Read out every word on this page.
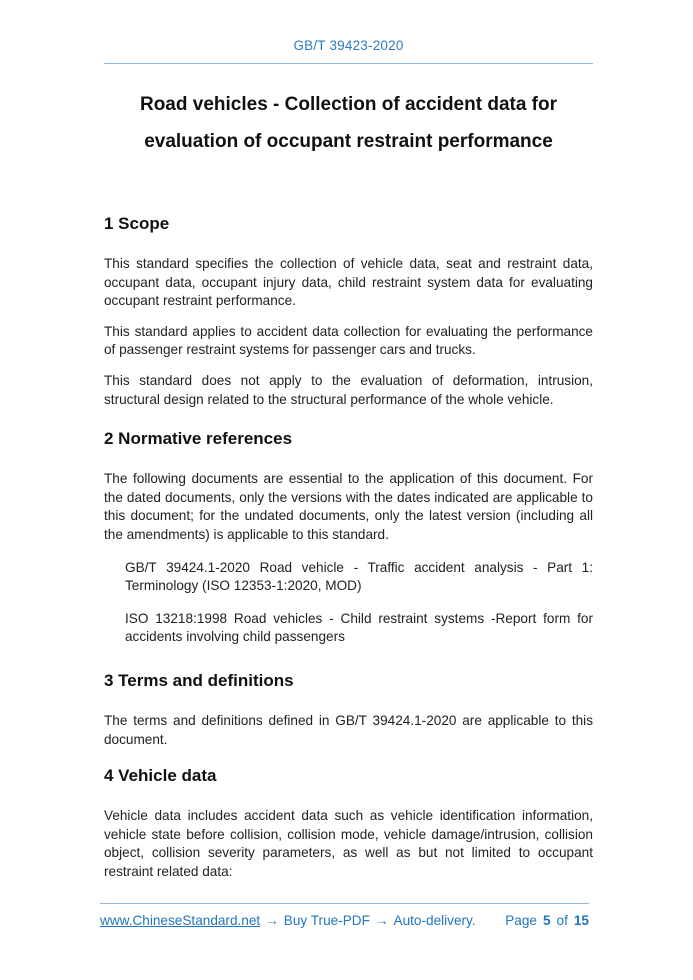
GB/T 39423-2020
Road vehicles - Collection of accident data for
evaluation of occupant restraint performance
1 Scope

This standard specifies the collection of vehicle data, seat and restraint data, occupant data, occupant injury data, child restraint system data for evaluating occupant restraint performance.

This standard applies to accident data collection for evaluating the performance of passenger restraint systems for passenger cars and trucks.

This standard does not apply to the evaluation of deformation, intrusion, structural design related to the structural performance of the whole vehicle.

2 Normative references

The following documents are essential to the application of this document. For the dated documents, only the versions with the dates indicated are applicable to this document; for the undated documents, only the latest version (including all the amendments) is applicable to this standard.

GB/T 39424.1-2020 Road vehicle - Traffic accident analysis - Part 1: Terminology (ISO 12353-1:2020, MOD)

ISO 13218:1998 Road vehicles - Child restraint systems -Report form for accidents involving child passengers

3 Terms and definitions

The terms and definitions defined in GB/T 39424.1-2020 are applicable to this document.

4 Vehicle data

Vehicle data includes accident data such as vehicle identification information, vehicle state before collision, collision mode, vehicle damage/intrusion, collision object, collision severity parameters, as well as but not limited to occupant restraint related data:

www.ChineseStandard.net → Buy True-PDF → Auto-delivery. Page 5 of 15
